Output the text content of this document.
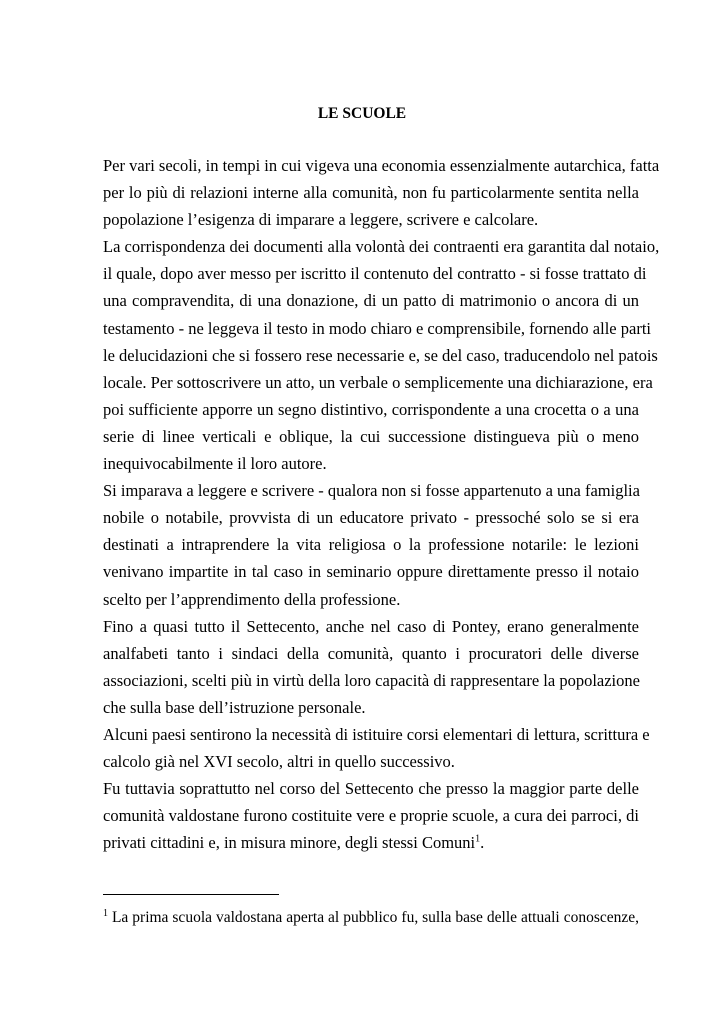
LE SCUOLE
Per vari secoli, in tempi in cui vigeva una economia essenzialmente autarchica, fatta
per lo più di relazioni interne alla comunità, non fu particolarmente sentita nella
popolazione l’esigenza di imparare a leggere, scrivere e calcolare.
La corrispondenza dei documenti alla volontà dei contraenti era garantita dal notaio,
il quale, dopo aver messo per iscritto il contenuto del contratto - si fosse trattato di
una compravendita, di una donazione, di un patto di matrimonio o ancora di un
testamento - ne leggeva il testo in modo chiaro e comprensibile, fornendo alle parti
le delucidazioni che si fossero rese necessarie e, se del caso, traducendolo nel patois
locale. Per sottoscrivere un atto, un verbale o semplicemente una dichiarazione, era
poi sufficiente apporre un segno distintivo, corrispondente a una crocetta o a una
serie di linee verticali e oblique, la cui successione distingueva più o meno
inequivocabilmente il loro autore.
Si imparava a leggere e scrivere - qualora non si fosse appartenuto a una famiglia
nobile o notabile, provvista di un educatore privato - pressoché solo se si era
destinati a intraprendere la vita religiosa o la professione notarile: le lezioni
venivano impartite in tal caso in seminario oppure direttamente presso il notaio
scelto per l’apprendimento della professione.
Fino a quasi tutto il Settecento, anche nel caso di Pontey, erano generalmente
analfabeti tanto i sindaci della comunità, quanto i procuratori delle diverse
associazioni, scelti più in virtù della loro capacità di rappresentare la popolazione
che sulla base dell’istruzione personale.
Alcuni paesi sentirono la necessità di istituire corsi elementari di lettura, scrittura e
calcolo già nel XVI secolo, altri in quello successivo.
Fu tuttavia soprattutto nel corso del Settecento che presso la maggior parte delle
comunità valdostane furono costituite vere e proprie scuole, a cura dei parroci, di
privati cittadini e, in misura minore, degli stessi Comuni$^1$.
$^1$ La prima scuola valdostana aperta al pubblico fu, sulla base delle attuali conoscenze,
